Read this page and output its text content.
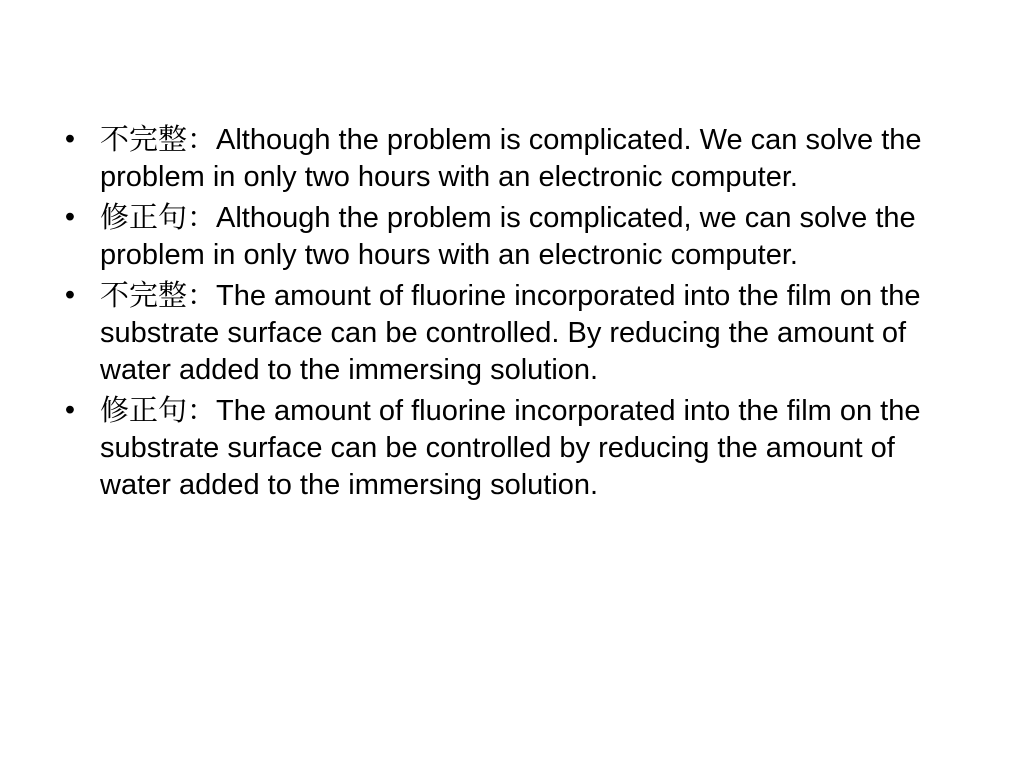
• 不完整：Although the problem is complicated. We can solve the problem in only two hours with an electronic computer.
• 修正句：Although the problem is complicated, we can solve the problem in only two hours with an electronic computer.
• 不完整：The amount of fluorine incorporated into the film on the substrate surface can be controlled. By reducing the amount of water added to the immersing solution.
• 修正句：The amount of fluorine incorporated into the film on the substrate surface can be controlled by reducing the amount of water added to the immersing solution.
